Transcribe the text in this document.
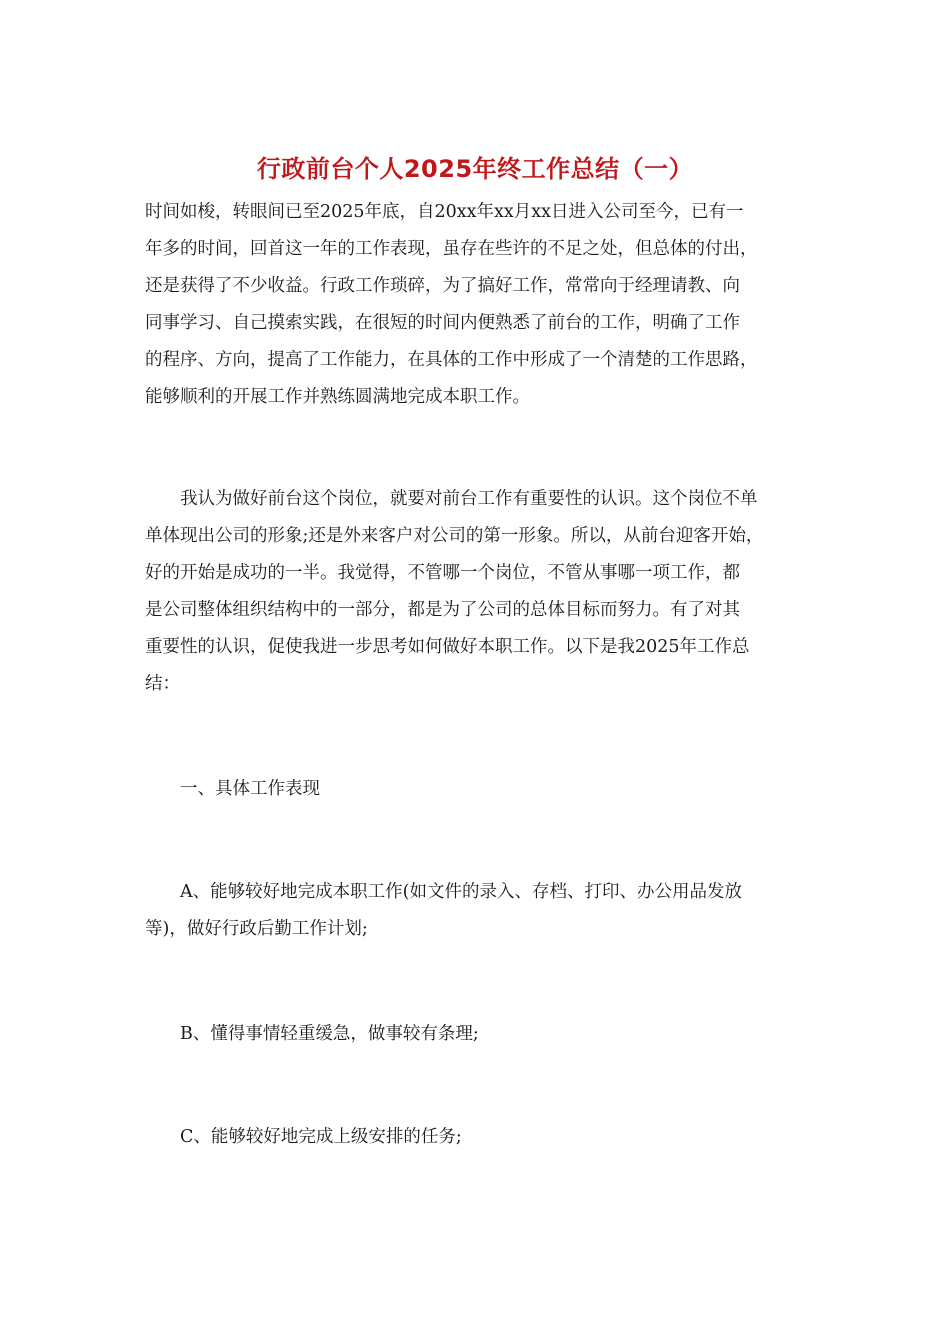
行政前台个人2025年终工作总结（一）
时间如梭，转眼间已至2025年底，自20xx年xx月xx日进入公司至今，已有一
年多的时间，回首这一年的工作表现，虽存在些许的不足之处，但总体的付出，
还是获得了不少收益。行政工作琐碎，为了搞好工作，常常向于经理请教、向
同事学习、自己摸索实践，在很短的时间内便熟悉了前台的工作，明确了工作
的程序、方向，提高了工作能力，在具体的工作中形成了一个清楚的工作思路，
能够顺利的开展工作并熟练圆满地完成本职工作。
　　我认为做好前台这个岗位，就要对前台工作有重要性的认识。这个岗位不单
单体现出公司的形象;还是外来客户对公司的第一形象。所以，从前台迎客开始，
好的开始是成功的一半。我觉得，不管哪一个岗位，不管从事哪一项工作，都
是公司整体组织结构中的一部分，都是为了公司的总体目标而努力。有了对其
重要性的认识，促使我进一步思考如何做好本职工作。以下是我2025年工作总
结：
　　一、具体工作表现
　　A、能够较好地完成本职工作(如文件的录入、存档、打印、办公用品发放
等)，做好行政后勤工作计划;
　　B、懂得事情轻重缓急，做事较有条理;
　　C、能够较好地完成上级安排的任务;
